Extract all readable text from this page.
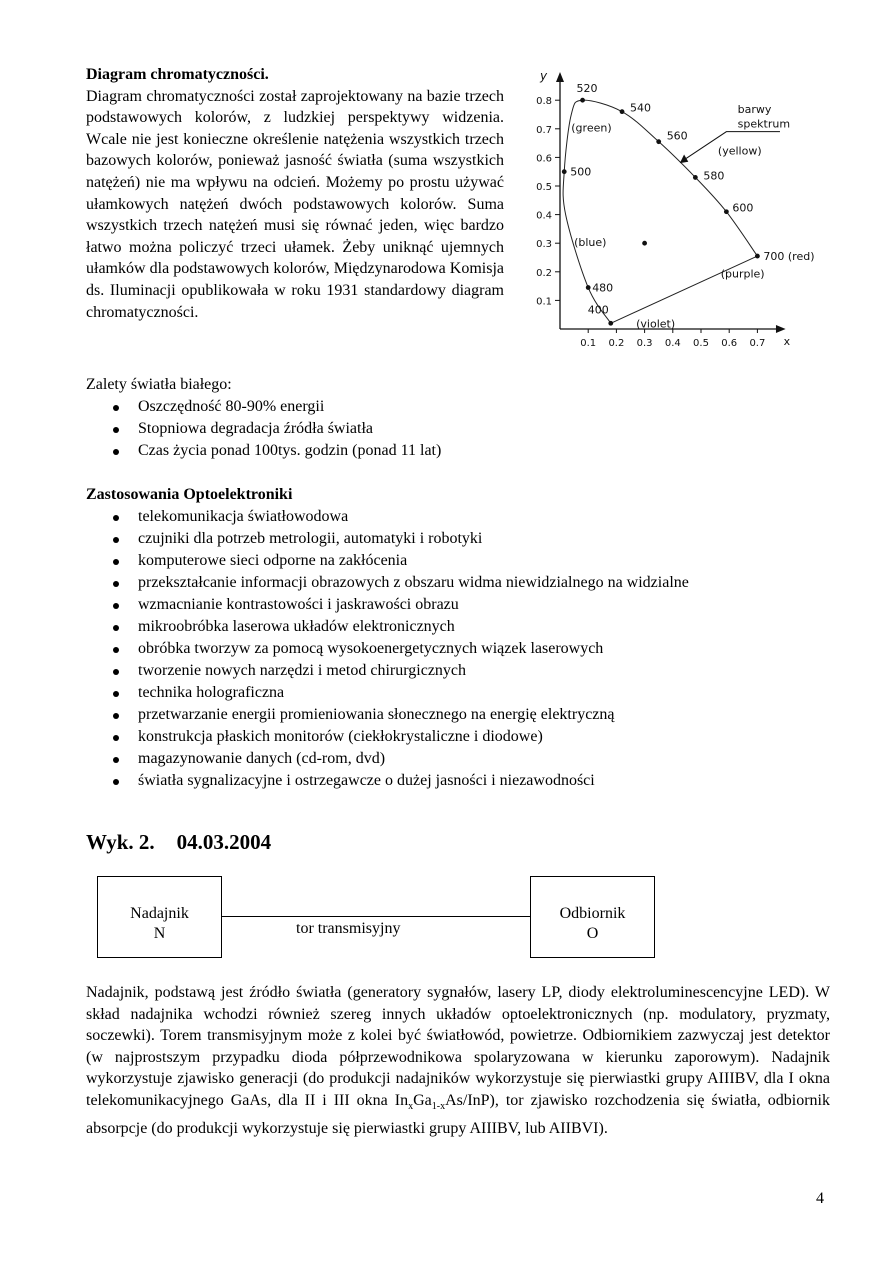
Diagram chromatyczności.

Diagram chromatyczności został zaprojektowany na bazie trzech podstawowych kolorów, z ludzkiej perspektywy widzenia. Wcale nie jest konieczne określenie natężenia wszystkich trzech bazowych kolorów, ponieważ jasność światła (suma wszystkich natężeń) nie ma wpływu na odcień. Możemy po prostu używać ułamkowych natężeń dwóch podstawowych kolorów. Suma wszystkich trzech natężeń musi się równać jeden, więc bardzo łatwo można policzyć trzeci ułamek. Żeby uniknąć ujemnych ułamków dla podstawowych kolorów, Międzynarodowa Komisja ds. Iluminacji opublikowała w roku 1931 standardowy diagram chromatyczności.

x
y
0.1 0.2 0.3 0.4 0.5 0.6 0.7
0.1
0.2
0.3
0.4
0.5
0.6
0.7
0.8
400
480
500
520
540
560
580
600
700 (red)
(green)
(blue)
(yellow)
(purple)
(violet)
barwy
spektrum

Zalety światła białego:

Oszczędność 80-90% energii
Stopniowa degradacja źródła światła
Czas życia ponad 100tys. godzin (ponad 11 lat)

Zastosowania Optoelektroniki

telekomunikacja światłowodowa
czujniki dla potrzeb metrologii, automatyki i robotyki
komputerowe sieci odporne na zakłócenia
przekształcanie informacji obrazowych z obszaru widma niewidzialnego na widzialne
wzmacnianie kontrastowości i jaskrawości obrazu
mikroobróbka laserowa układów elektronicznych
obróbka tworzyw za pomocą wysokoenergetycznych wiązek laserowych
tworzenie nowych narzędzi i metod chirurgicznych
technika holograficzna
przetwarzanie energii promieniowania słonecznego na energię elektryczną
konstrukcja płaskich monitorów (ciekłokrystaliczne i diodowe)
magazynowanie danych (cd-rom, dvd)
światła sygnalizacyjne i ostrzegawcze o dużej jasności i niezawodności
Wyk. 2. 04.03.2004
Nadajnik
N	tor transmisyjny
Odbiornik
O

Nadajnik, podstawą jest źródło światła (generatory sygnałów, lasery LP, diody elektroluminescencyjne LED). W skład nadajnika wchodzi również szereg innych układów optoelektronicznych (np. modulatory, pryzmaty, soczewki). Torem transmisyjnym może z kolei być światłowód, powietrze. Odbiornikiem zazwyczaj jest detektor (w najprostszym przypadku dioda półprzewodnikowa spolaryzowana w kierunku zaporowym). Nadajnik wykorzystuje zjawisko generacji (do produkcji nadajników wykorzystuje się pierwiastki grupy AIIIBV, dla I okna telekomunikacyjnego GaAs, dla II i III okna $In_xGa_{1-x}As/InP$), tor zjawisko rozchodzenia się światła, odbiornik absorpcje (do produkcji wykorzystuje się pierwiastki grupy AIIIBV, lub AIIBVI).

4
